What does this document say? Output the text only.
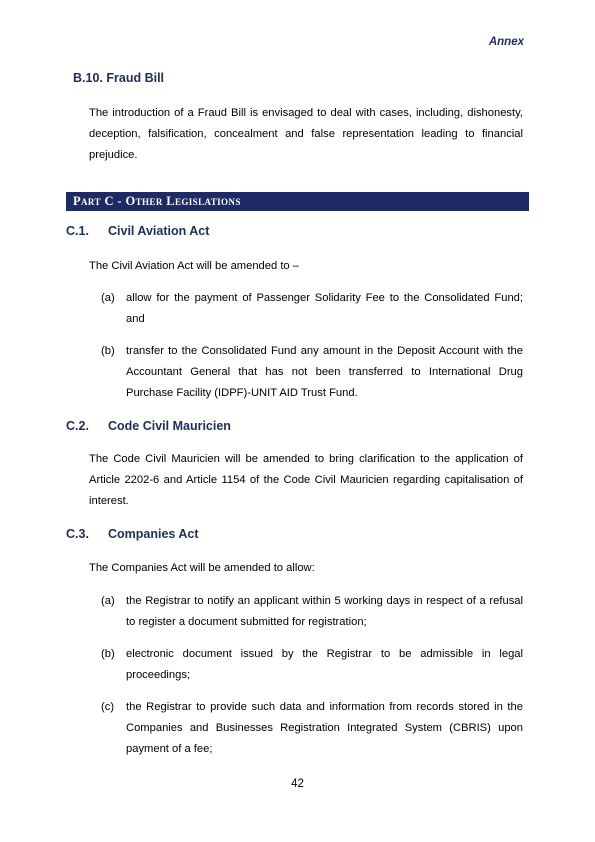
Annex
B.10. Fraud Bill
The introduction of a Fraud Bill is envisaged to deal with cases, including, dishonesty, deception, falsification, concealment and false representation leading to financial prejudice.
Part C - Other Legislations
C.1. Civil Aviation Act
The Civil Aviation Act will be amended to –
(a) allow for the payment of Passenger Solidarity Fee to the Consolidated Fund; and
(b) transfer to the Consolidated Fund any amount in the Deposit Account with the Accountant General that has not been transferred to International Drug Purchase Facility (IDPF)-UNIT AID Trust Fund.
C.2. Code Civil Mauricien
The Code Civil Mauricien will be amended to bring clarification to the application of Article 2202-6 and Article 1154 of the Code Civil Mauricien regarding capitalisation of interest.
C.3. Companies Act
The Companies Act will be amended to allow:
(a) the Registrar to notify an applicant within 5 working days in respect of a refusal to register a document submitted for registration;
(b) electronic document issued by the Registrar to be admissible in legal proceedings;
(c) the Registrar to provide such data and information from records stored in the Companies and Businesses Registration Integrated System (CBRIS) upon payment of a fee;
42
